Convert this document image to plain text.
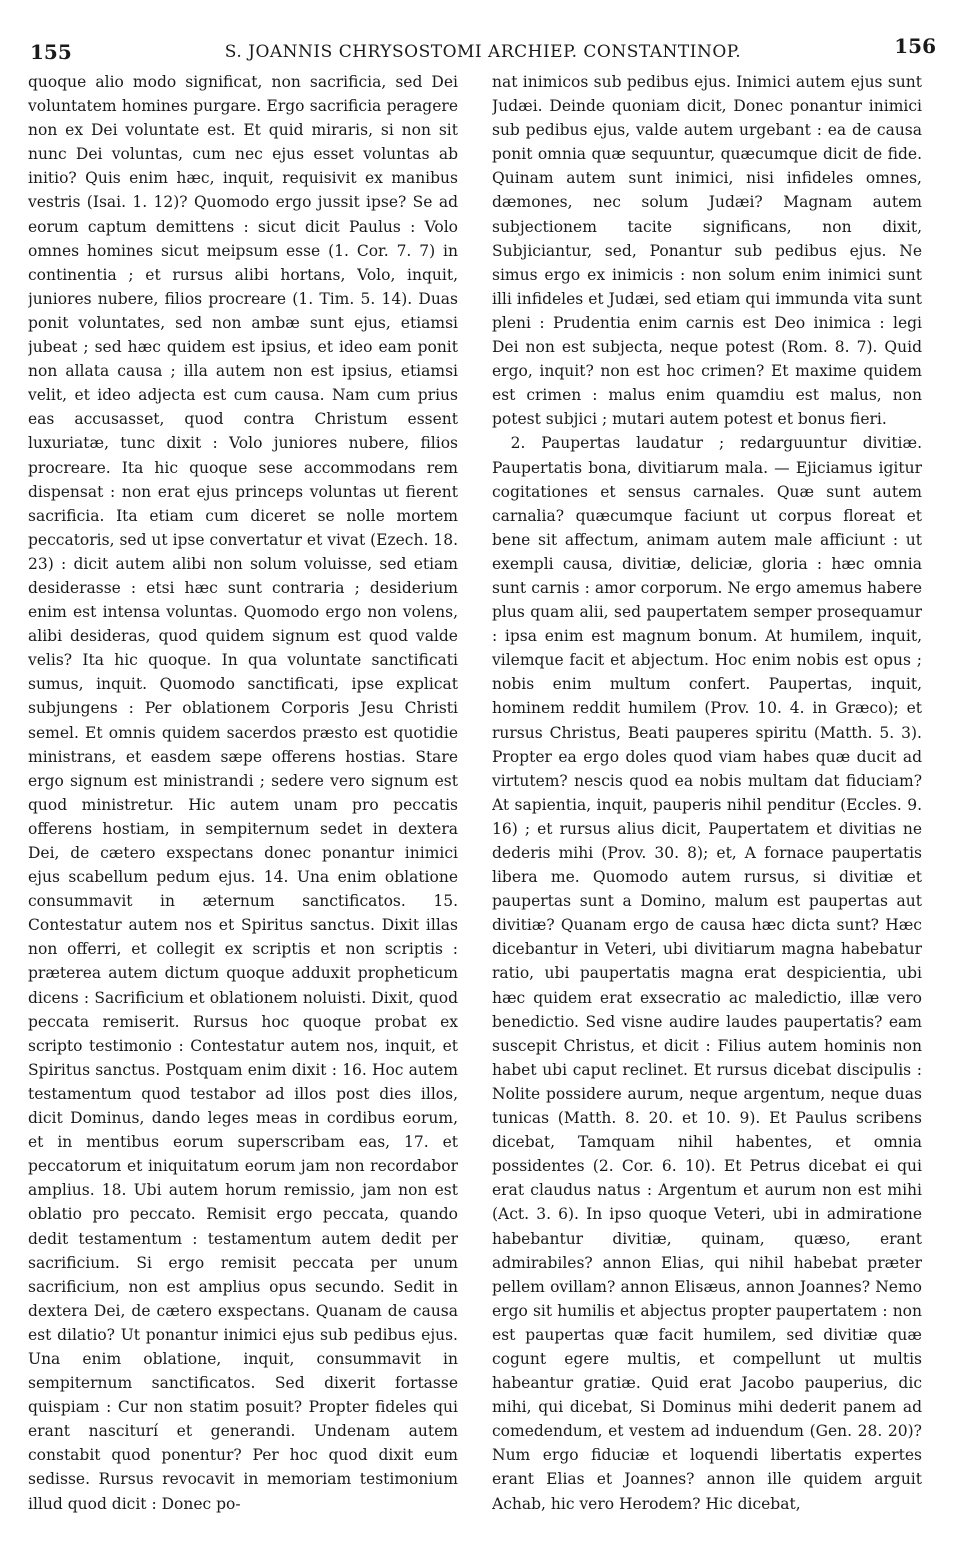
155	S. JOANNIS CHRYSOSTOMI ARCHIEP. CONSTANTINOP.	156

quoque alio modo significat, non sacrificia, sed Dei voluntatem homines purgare. Ergo sacrificia peragere non ex Dei voluntate est. Et quid miraris, si non sit nunc Dei voluntas, cum nec ejus esset voluntas ab initio? Quis enim hæc, inquit, requisivit ex manibus vestris (Isai. 1. 12)? Quomodo ergo jussit ipse? Se ad eorum captum demittens : sicut dicit Paulus : Volo omnes homines sicut meipsum esse (1. Cor. 7. 7) in continentia ; et rursus alibi hortans, Volo, inquit, juniores nubere, filios procreare (1. Tim. 5. 14). Duas ponit voluntates, sed non ambæ sunt ejus, etiamsi jubeat ; sed hæc quidem est ipsius, et ideo eam ponit non allata causa ; illa autem non est ipsius, etiamsi velit, et ideo adjecta est cum causa. Nam cum prius eas accusasset, quod contra Christum essent luxuriatæ, tunc dixit : Volo juniores nubere, filios procreare. Ita hic quoque sese accommodans rem dispensat : non erat ejus princeps voluntas ut fierent sacrificia. Ita etiam cum diceret se nolle mortem peccatoris, sed ut ipse convertatur et vivat (Ezech. 18. 23) : dicit autem alibi non solum voluisse, sed etiam desiderasse : etsi hæc sunt contraria ; desiderium enim est intensa voluntas. Quomodo ergo non volens, alibi desideras, quod quidem signum est quod valde velis? Ita hic quoque. In qua voluntate sanctificati sumus, inquit. Quomodo sanctificati, ipse explicat subjungens : Per oblationem Corporis Jesu Christi semel. Et omnis quidem sacerdos præsto est quotidie ministrans, et easdem sæpe offerens hostias. Stare ergo signum est ministrandi ; sedere vero signum est quod ministretur. Hic autem unam pro peccatis offerens hostiam, in sempiternum sedet in dextera Dei, de cætero exspectans donec ponantur inimici ejus scabellum pedum ejus. 14. Una enim oblatione consummavit in æternum sanctificatos. 15. Contestatur autem nos et Spiritus sanctus. Dixit illas non offerri, et collegit ex scriptis et non scriptis : præterea autem dictum quoque adduxit propheticum dicens : Sacrificium et oblationem noluisti. Dixit, quod peccata remiserit. Rursus hoc quoque probat ex scripto testimonio : Contestatur autem nos, inquit, et Spiritus sanctus. Postquam enim dixit : 16. Hoc autem testamentum quod testabor ad illos post dies illos, dicit Dominus, dando leges meas in cordibus eorum, et in mentibus eorum superscribam eas, 17. et peccatorum et iniquitatum eorum jam non recordabor amplius. 18. Ubi autem horum remissio, jam non est oblatio pro peccato. Remisit ergo peccata, quando dedit testamentum : testamentum autem dedit per sacrificium. Si ergo remisit peccata per unum sacrificium, non est amplius opus secundo. Sedit in dextera Dei, de cætero exspectans. Quanam de causa est dilatio? Ut ponantur inimici ejus sub pedibus ejus. Una enim oblatione, inquit, consummavit in sempiternum sanctificatos. Sed dixerit fortasse quispiam : Cur non statim posuit? Propter fideles qui erant nasciturí et generandi. Undenam autem constabit quod ponentur? Per hoc quod dixit eum sedisse. Rursus revocavit in memoriam testimonium illud quod dicit : Donec po-

nat inimicos sub pedibus ejus. Inimici autem ejus sunt Judæi. Deinde quoniam dicit, Donec ponantur inimici sub pedibus ejus, valde autem urgebant : ea de causa ponit omnia quæ sequuntur, quæcumque dicit de fide. Quinam autem sunt inimici, nisi infideles omnes, dæmones, nec solum Judæi? Magnam autem subjectionem tacite significans, non dixit, Subjiciantur, sed, Ponantur sub pedibus ejus. Ne simus ergo ex inimicis : non solum enim inimici sunt illi infideles et Judæi, sed etiam qui immunda vita sunt pleni : Prudentia enim carnis est Deo inimica : legi Dei non est subjecta, neque potest (Rom. 8. 7). Quid ergo, inquit? non est hoc crimen? Et maxime quidem est crimen : malus enim quamdiu est malus, non potest subjici ; mutari autem potest et bonus fieri.

2. Paupertas laudatur ; redarguuntur divitiæ. Paupertatis bona, divitiarum mala. — Ejiciamus igitur cogitationes et sensus carnales. Quæ sunt autem carnalia? quæcumque faciunt ut corpus floreat et bene sit affectum, animam autem male afficiunt : ut exempli causa, divitiæ, deliciæ, gloria : hæc omnia sunt carnis : amor corporum. Ne ergo amemus habere plus quam alii, sed paupertatem semper prosequamur : ipsa enim est magnum bonum. At humilem, inquit, vilemque facit et abjectum. Hoc enim nobis est opus ; nobis enim multum confert. Paupertas, inquit, hominem reddit humilem (Prov. 10. 4. in Græco); et rursus Christus, Beati pauperes spiritu (Matth. 5. 3). Propter ea ergo doles quod viam habes quæ ducit ad virtutem? nescis quod ea nobis multam dat fiduciam? At sapientia, inquit, pauperis nihil penditur (Eccles. 9. 16) ; et rursus alius dicit, Paupertatem et divitias ne dederis mihi (Prov. 30. 8); et, A fornace paupertatis libera me. Quomodo autem rursus, si divitiæ et paupertas sunt a Domino, malum est paupertas aut divitiæ? Quanam ergo de causa hæc dicta sunt? Hæc dicebantur in Veteri, ubi divitiarum magna habebatur ratio, ubi paupertatis magna erat despicientia, ubi hæc quidem erat exsecratio ac maledictio, illæ vero benedictio. Sed visne audire laudes paupertatis? eam suscepit Christus, et dicit : Filius autem hominis non habet ubi caput reclinet. Et rursus dicebat discipulis : Nolite possidere aurum, neque argentum, neque duas tunicas (Matth. 8. 20. et 10. 9). Et Paulus scribens dicebat, Tamquam nihil habentes, et omnia possidentes (2. Cor. 6. 10). Et Petrus dicebat ei qui erat claudus natus : Argentum et aurum non est mihi (Act. 3. 6). In ipso quoque Veteri, ubi in admiratione habebantur divitiæ, quinam, quæso, erant admirabiles? annon Elias, qui nihil habebat præter pellem ovillam? annon Elisæus, annon Joannes? Nemo ergo sit humilis et abjectus propter paupertatem : non est paupertas quæ facit humilem, sed divitiæ quæ cogunt egere multis, et compellunt ut multis habeantur gratiæ. Quid erat Jacobo pauperius, dic mihi, qui dicebat, Si Dominus mihi dederit panem ad comedendum, et vestem ad induendum (Gen. 28. 20)? Num ergo fiduciæ et loquendi libertatis expertes erant Elias et Joannes? annon ille quidem arguit Achab, hic vero Herodem? Hic dicebat,
